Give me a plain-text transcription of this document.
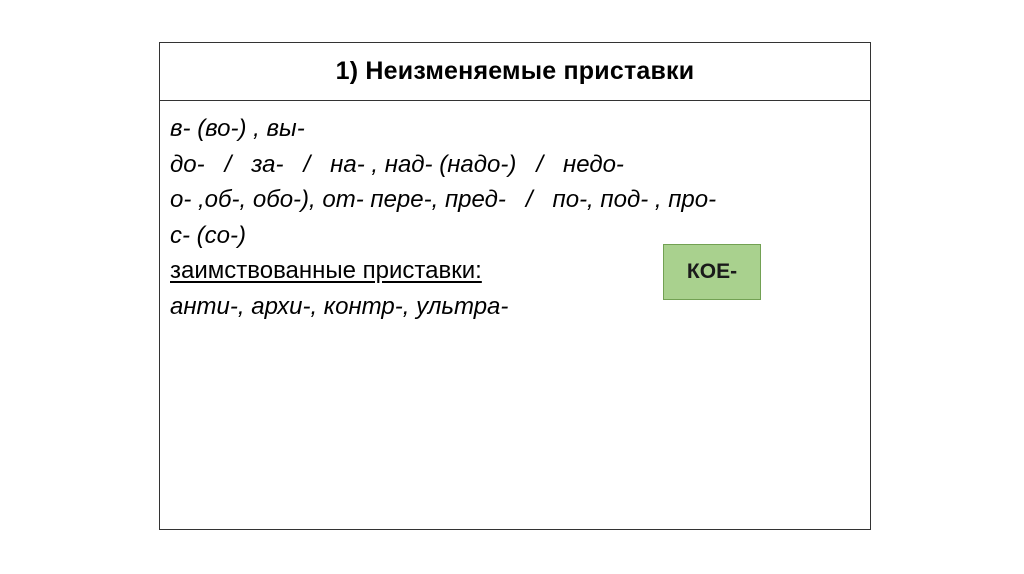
1) Неизменяемые приставки
в- (во-) , вы-
до-   /   за-   /   на- , над- (надо-)   /   недо-
о- ,об-, обо-), от- пере-, пред-   /   по-, под- , про-
с- (со-)
заимствованные приставки:
анти-, архи-, контр-, ультра-
КОЕ-
